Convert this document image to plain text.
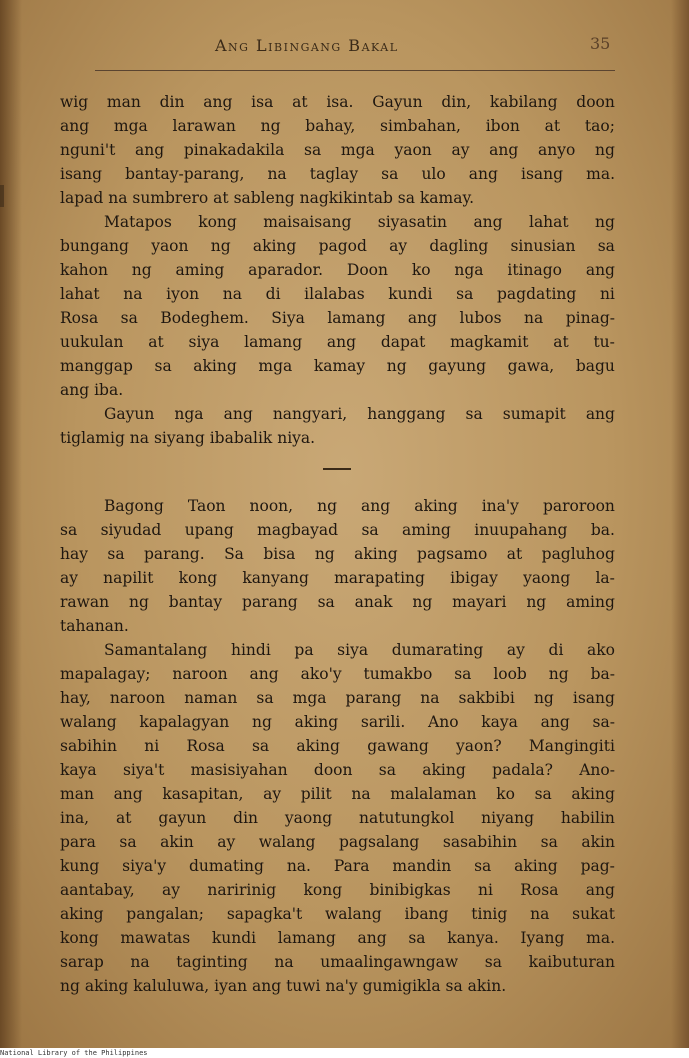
Ang Libingang Bakal	35
wig man din ang isa at isa. Gayun din, kabilang doon
ang mga larawan ng bahay, simbahan, ibon at tao;
nguni't ang pinakadakila sa mga yaon ay ang anyo ng
isang bantay-parang, na taglay sa ulo ang isang ma.
lapad na sumbrero at sableng nagkikintab sa kamay.
Matapos kong maisaisang siyasatin ang lahat ng
bungang yaon ng aking pagod ay dagling sinusian sa
kahon ng aming aparador. Doon ko nga itinago ang
lahat na iyon na di ilalabas kundi sa pagdating ni
Rosa sa Bodeghem. Siya lamang ang lubos na pinag-
uukulan at siya lamang ang dapat magkamit at tu-
manggap sa aking mga kamay ng gayung gawa, bagu
ang iba.
Gayun nga ang nangyari, hanggang sa sumapit ang
tiglamig na siyang ibabalik niya.
Bagong Taon noon, ng ang aking ina'y paroroon
sa siyudad upang magbayad sa aming inuupahang ba.
hay sa parang. Sa bisa ng aking pagsamo at pagluhog
ay napilit kong kanyang marapating ibigay yaong la-
rawan ng bantay parang sa anak ng mayari ng aming
tahanan.
Samantalang hindi pa siya dumarating ay di ako
mapalagay; naroon ang ako'y tumakbo sa loob ng ba-
hay, naroon naman sa mga parang na sakbibi ng isang
walang kapalagyan ng aking sarili. Ano kaya ang sa-
sabihin ni Rosa sa aking gawang yaon? Mangingiti
kaya siya't masisiyahan doon sa aking padala? Ano-
man ang kasapitan, ay pilit na malalaman ko sa aking
ina, at gayun din yaong natutungkol niyang habilin
para sa akin ay walang pagsalang sasabihin sa akin
kung siya'y dumating na. Para mandin sa aking pag-
aantabay, ay naririnig kong binibigkas ni Rosa ang
aking pangalan; sapagka't walang ibang tinig na sukat
kong mawatas kundi lamang ang sa kanya. Iyang ma.
sarap na taginting na umaalingawngaw sa kaibuturan
ng aking kaluluwa, iyan ang tuwi na'y gumigikla sa akin.
National Library of the Philippines
